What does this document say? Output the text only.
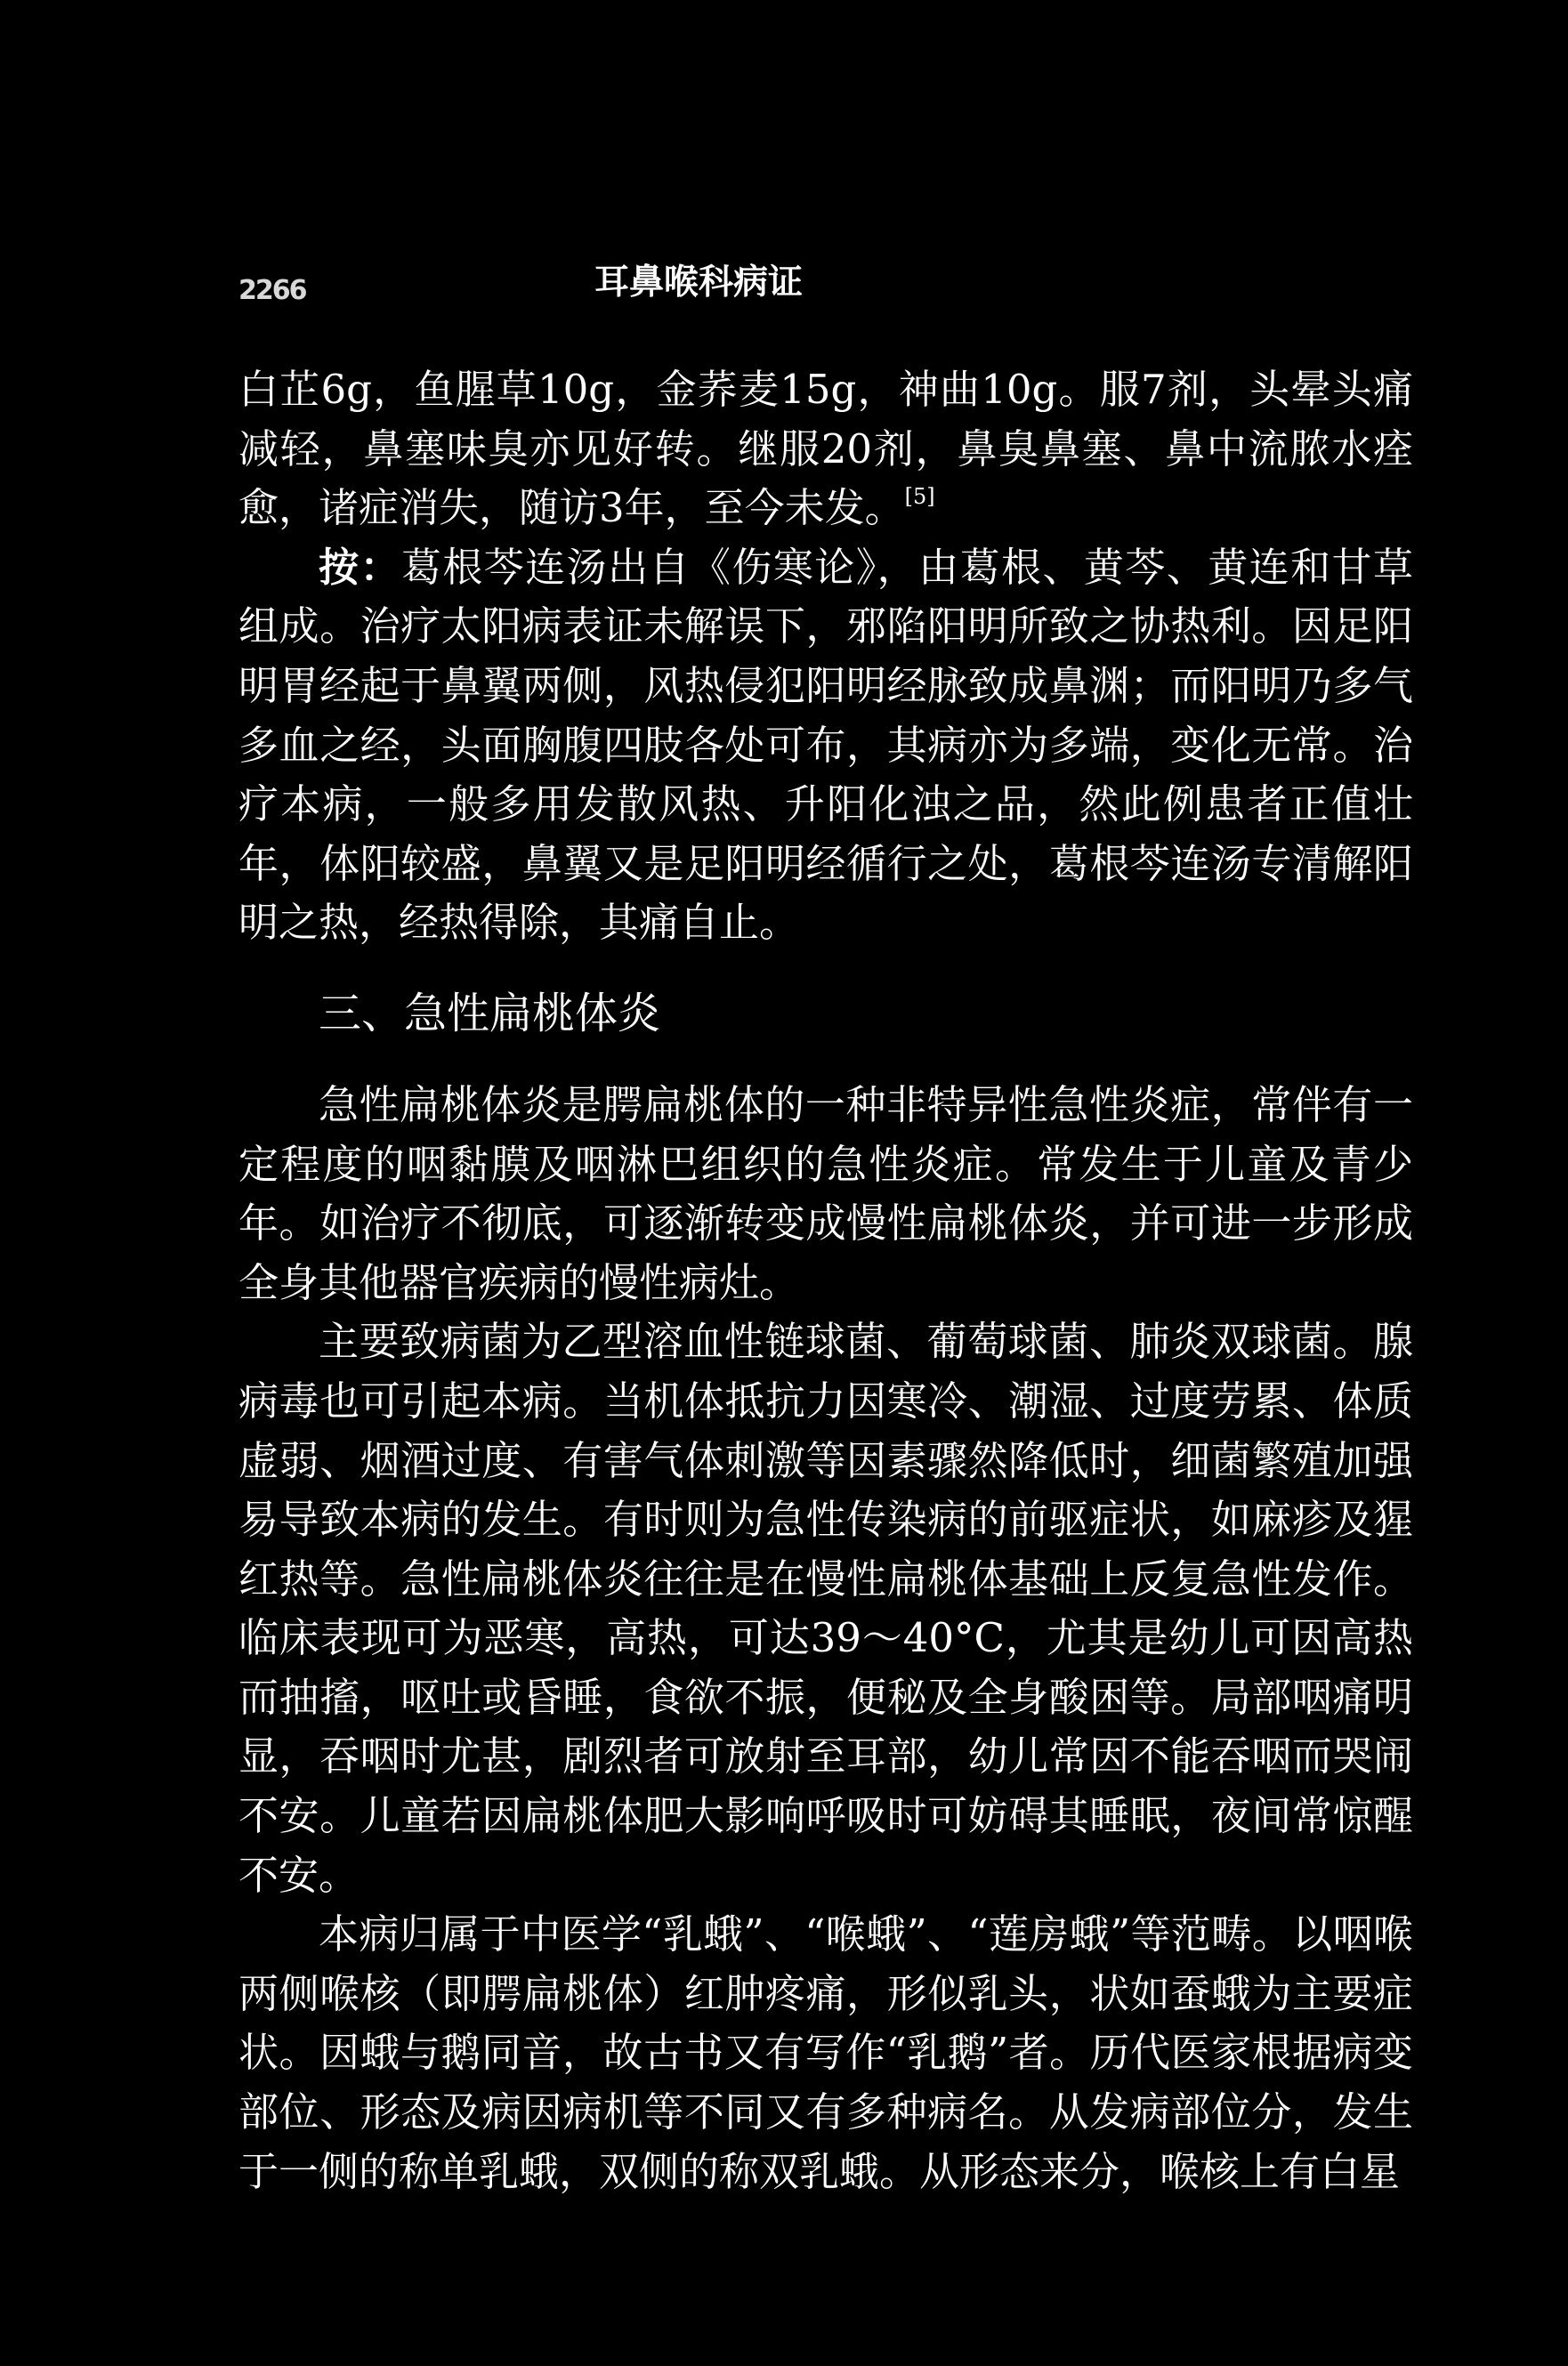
2266	耳鼻喉科病证

白芷6g，鱼腥草10g，金荞麦15g，神曲10g。服7剂，头晕头痛减轻，鼻塞味臭亦见好转。继服20剂，鼻臭鼻塞、鼻中流脓水痊愈，诸症消失，随访3年，至今未发。[5]

按：葛根芩连汤出自《伤寒论》，由葛根、黄芩、黄连和甘草组成。治疗太阳病表证未解误下，邪陷阳明所致之协热利。因足阳明胃经起于鼻翼两侧，风热侵犯阳明经脉致成鼻渊；而阳明乃多气多血之经，头面胸腹四肢各处可布，其病亦为多端，变化无常。治疗本病，一般多用发散风热、升阳化浊之品，然此例患者正值壮年，体阳较盛，鼻翼又是足阳明经循行之处，葛根芩连汤专清解阳明之热，经热得除，其痛自止。

三、急性扁桃体炎

急性扁桃体炎是腭扁桃体的一种非特异性急性炎症，常伴有一定程度的咽黏膜及咽淋巴组织的急性炎症。常发生于儿童及青少年。如治疗不彻底，可逐渐转变成慢性扁桃体炎，并可进一步形成全身其他器官疾病的慢性病灶。

主要致病菌为乙型溶血性链球菌、葡萄球菌、肺炎双球菌。腺病毒也可引起本病。当机体抵抗力因寒冷、潮湿、过度劳累、体质虚弱、烟酒过度、有害气体刺激等因素骤然降低时，细菌繁殖加强易导致本病的发生。有时则为急性传染病的前驱症状，如麻疹及猩红热等。急性扁桃体炎往往是在慢性扁桃体基础上反复急性发作。临床表现可为恶寒，高热，可达39～40°C，尤其是幼儿可因高热而抽搐，呕吐或昏睡，食欲不振，便秘及全身酸困等。局部咽痛明显，吞咽时尤甚，剧烈者可放射至耳部，幼儿常因不能吞咽而哭闹不安。儿童若因扁桃体肥大影响呼吸时可妨碍其睡眠，夜间常惊醒不安。

本病归属于中医学“乳蛾”、“喉蛾”、“莲房蛾”等范畴。以咽喉两侧喉核（即腭扁桃体）红肿疼痛，形似乳头，状如蚕蛾为主要症状。因蛾与鹅同音，故古书又有写作“乳鹅”者。历代医家根据病变部位、形态及病因病机等不同又有多种病名。从发病部位分，发生于一侧的称单乳蛾，双侧的称双乳蛾。从形态来分，喉核上有白星
